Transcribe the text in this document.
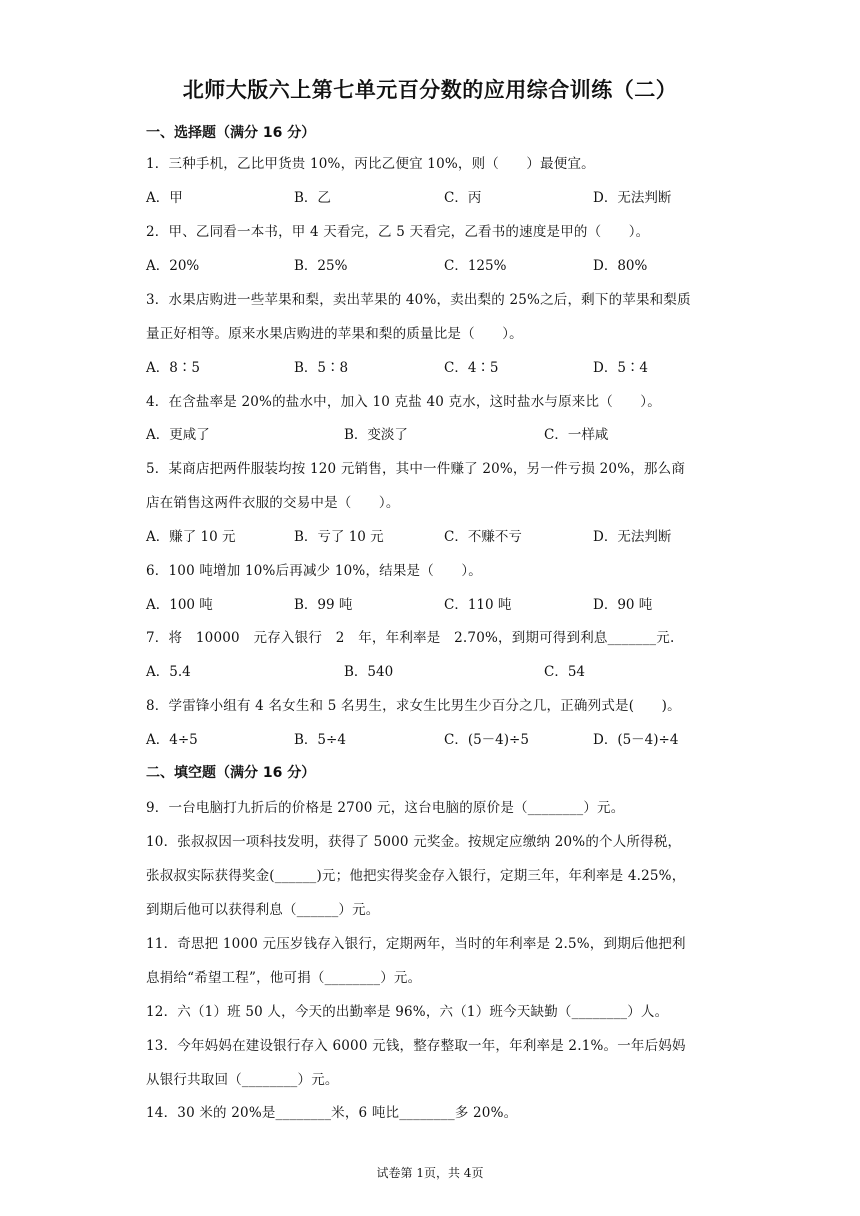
北师大版六上第七单元百分数的应用综合训练（二）
一、选择题（满分 16 分）
1．三种手机，乙比甲货贵 10%，丙比乙便宜 10%，则（　　）最便宜。
A．甲	B．乙	C．丙	D．无法判断
2．甲、乙同看一本书，甲 4 天看完，乙 5 天看完，乙看书的速度是甲的（　　）。
A．20%	B．25%	C．125%	D．80%
3．水果店购进一些苹果和梨，卖出苹果的 40%，卖出梨的 25%之后，剩下的苹果和梨质
量正好相等。原来水果店购进的苹果和梨的质量比是（　　）。
A．8∶5	B．5∶8	C．4∶5	D．5∶4
4．在含盐率是 20%的盐水中，加入 10 克盐 40 克水，这时盐水与原来比（　　）。
A．更咸了	B．变淡了	C．一样咸
5．某商店把两件服装均按 120 元销售，其中一件赚了 20%，另一件亏损 20%，那么商
店在销售这两件衣服的交易中是（　　）。
A．赚了 10 元	B．亏了 10 元	C．不赚不亏	D．无法判断
6．100 吨增加 10%后再减少 10%，结果是（　　）。
A．100 吨	B．99 吨	C．110 吨	D．90 吨
7．将　10000　元存入银行　2　年，年利率是　2.70%，到期可得到利息_______元.
A．5.4	B．540	C．54
8．学雷锋小组有 4 名女生和 5 名男生，求女生比男生少百分之几，正确列式是(　　)。
A．4÷5	B．5÷4	C．(5－4)÷5	D．(5－4)÷4
二、填空题（满分 16 分）
9．一台电脑打九折后的价格是 2700 元，这台电脑的原价是（________）元。
10．张叔叔因一项科技发明，获得了 5000 元奖金。按规定应缴纳 20%的个人所得税，
张叔叔实际获得奖金(______)元；他把实得奖金存入银行，定期三年，年利率是 4.25%，
到期后他可以获得利息（______）元。
11．奇思把 1000 元压岁钱存入银行，定期两年，当时的年利率是 2.5%，到期后他把利
息捐给“希望工程”，他可捐（________）元。
12．六（1）班 50 人，今天的出勤率是 96%，六（1）班今天缺勤（________）人。
13．今年妈妈在建设银行存入 6000 元钱，整存整取一年，年利率是 2.1%。一年后妈妈
从银行共取回（________）元。
14．30 米的 20%是________米，6 吨比________多 20%。
试卷第 1页，共 4页
